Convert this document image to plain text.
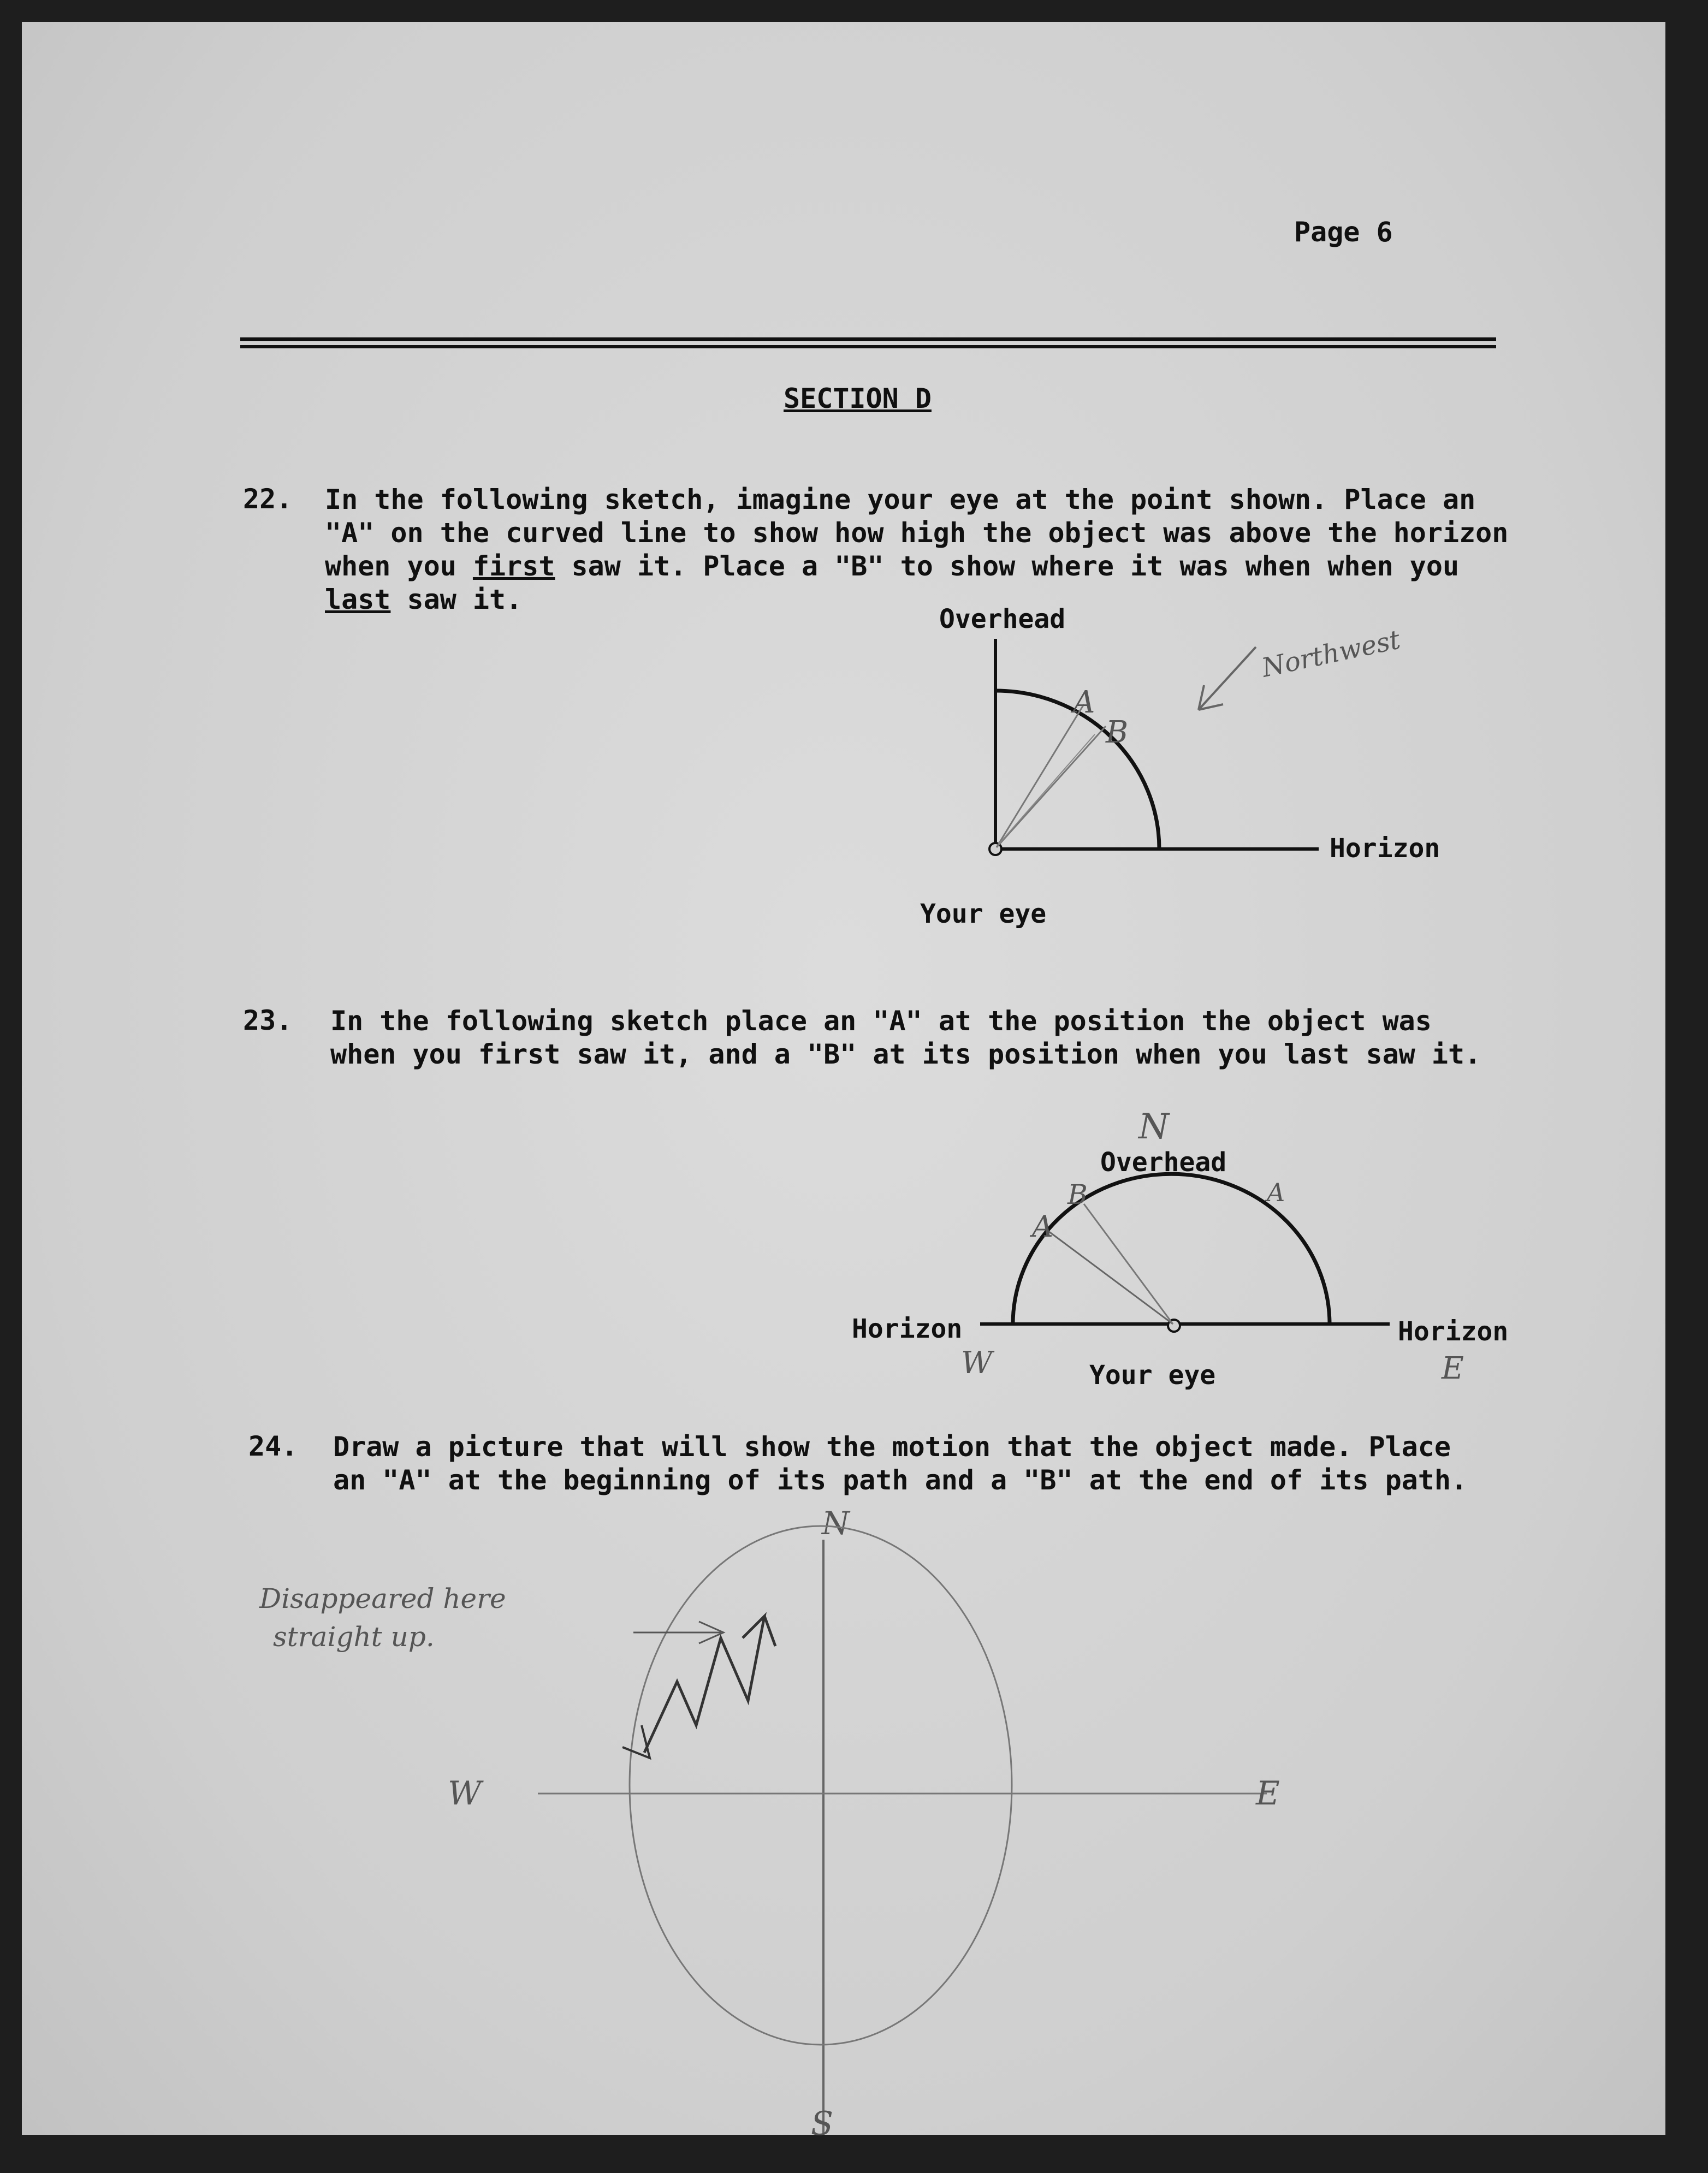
Page 6
SECTION D
22. In the following sketch, imagine your eye at the point shown. Place an
"A" on the curved line to show how high the object was above the horizon
when you first saw it. Place a "B" to show where it was when when you
last saw it.
23. In the following sketch place an "A" at the position the object was
when you first saw it, and a "B" at its position when you last saw it.
24. Draw a picture that will show the motion that the object made. Place
an "A" at the beginning of its path and a "B" at the end of its path.
Overhead
Horizon
Your eye
A
B
Northwest
N
Overhead
Horizon	Horizon
Your eye
A
B	A
W	E
N
W	E
S
Disappeared here
straight up.
